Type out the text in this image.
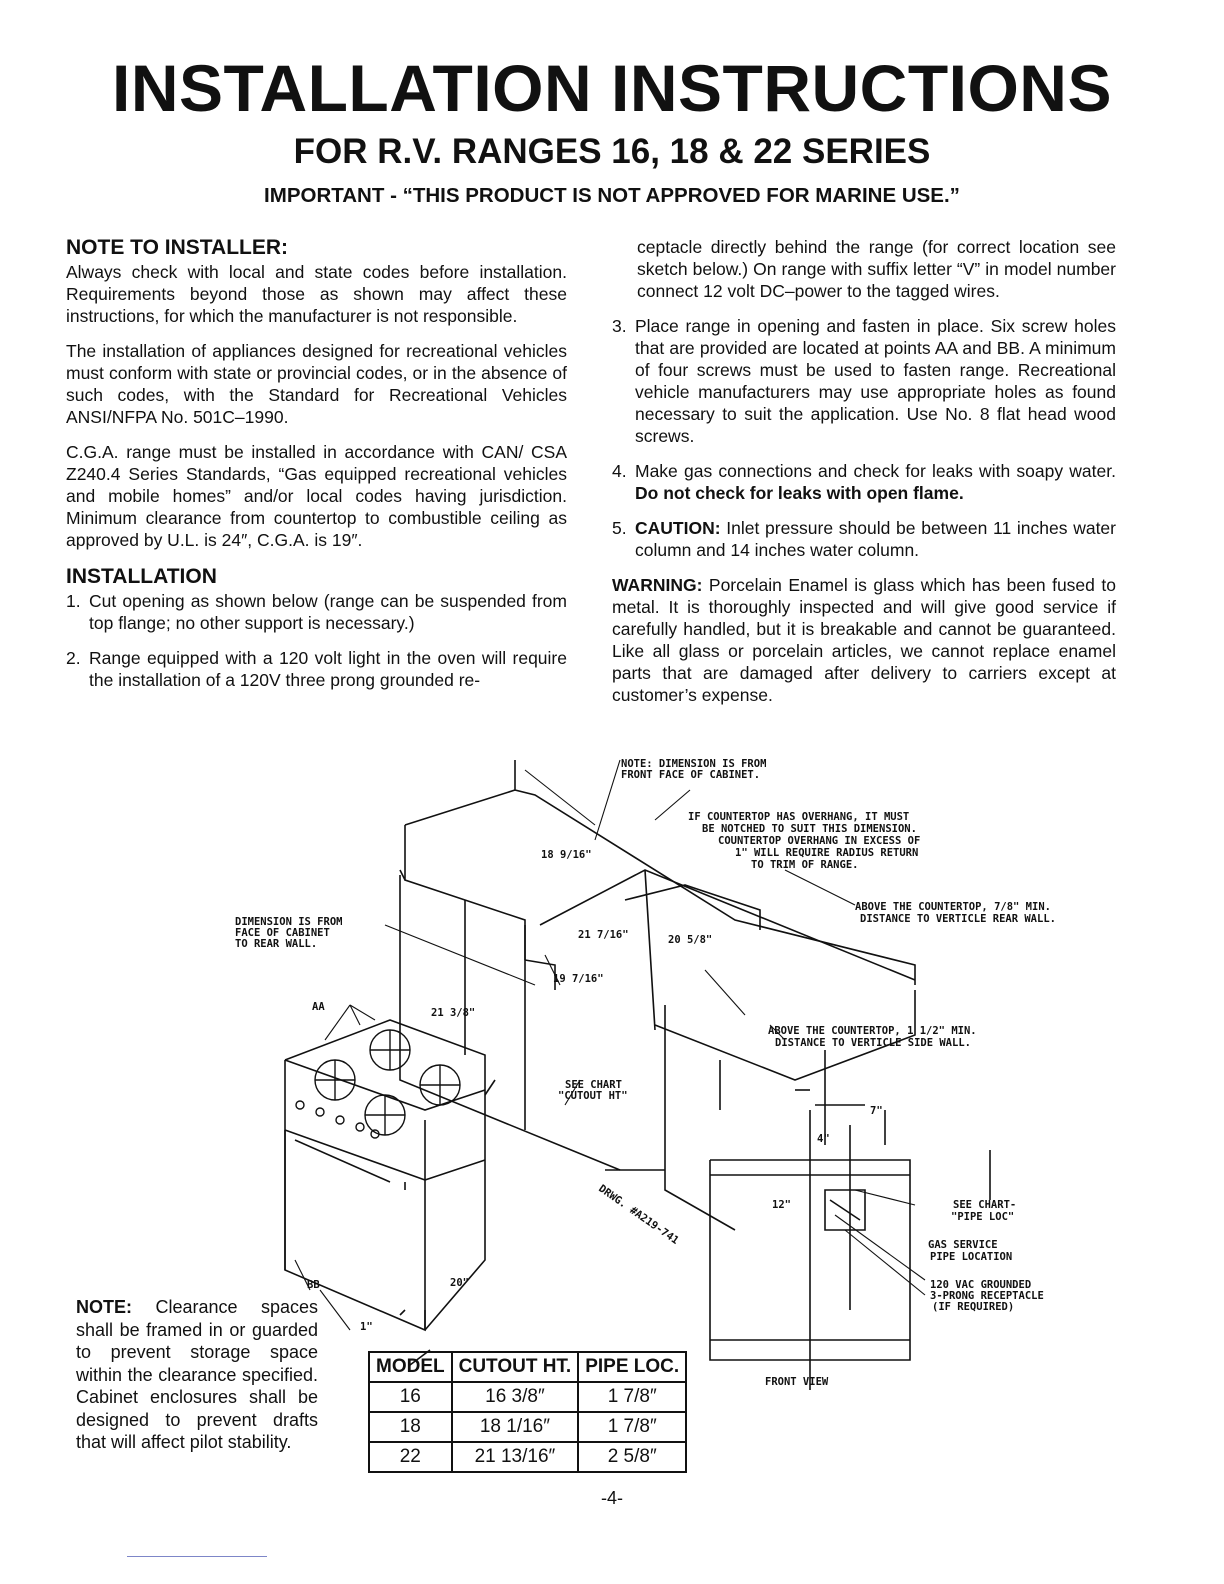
INSTALLATION INSTRUCTIONS
FOR R.V. RANGES 16, 18 & 22 SERIES
IMPORTANT - “THIS PRODUCT IS NOT APPROVED FOR MARINE USE.”
NOTE TO INSTALLER:

Always check with local and state codes before installation. Requirements beyond those as shown may affect these instructions, for which the manufacturer is not responsible.

The installation of appliances designed for recreational vehicles must conform with state or provincial codes, or in the absence of such codes, with the Standard for Recreational Vehicles ANSI/NFPA No. 501C–1990.

C.G.A. range must be installed in accordance with CAN/ CSA Z240.4 Series Standards, “Gas equipped recreational vehicles and mobile homes” and/or local codes having jurisdiction. Minimum clearance from countertop to combustible ceiling as approved by U.L. is 24″, C.G.A. is 19″.

INSTALLATION
1. Cut opening as shown below (range can be suspended from top flange; no other support is necessary.)
2. Range equipped with a 120 volt light in the oven will require the installation of a 120V three prong grounded re-
ceptacle directly behind the range (for correct location see sketch below.) On range with suffix letter “V” in model number connect 12 volt DC–power to the tagged wires.
3. Place range in opening and fasten in place. Six screw holes that are provided are located at points AA and BB. A minimum of four screws must be used to fasten range. Recreational vehicle manufacturers may use appropriate holes as found necessary to suit the application. Use No. 8 flat head wood screws.
4. Make gas connections and check for leaks with soapy water. Do not check for leaks with open flame.
5. CAUTION: Inlet pressure should be between 11 inches water column and 14 inches water column.

WARNING: Porcelain Enamel is glass which has been fused to metal. It is thoroughly inspected and will give good service if carefully handled, but it is breakable and cannot be guaranteed. Like all glass or porcelain articles, we cannot replace enamel parts that are damaged after delivery to carriers except at customer’s expense.

NOTE: DIMENSION IS FROM
FRONT FACE OF CABINET.
IF COUNTERTOP HAS OVERHANG, IT MUST
BE NOTCHED TO SUIT THIS DIMENSION.
COUNTERTOP OVERHANG IN EXCESS OF
1" WILL REQUIRE RADIUS RETURN
TO TRIM OF RANGE.
18 9/16"
ABOVE THE COUNTERTOP, 7/8" MIN.
DISTANCE TO VERTICLE REAR WALL.
DIMENSION IS FROM
FACE OF CABINET
TO REAR WALL.
21 7/16"	20 5/8"
19 7/16"
AA	21 3/8"
ABOVE THE COUNTERTOP, 1 1/2" MIN.
DISTANCE TO VERTICLE SIDE WALL.
SEE CHART
"CUTOUT HT"
7"
4"
12"	SEE CHART-
"PIPE LOC"
GAS SERVICE
PIPE LOCATION
120 VAC GROUNDED
3-PRONG RECEPTACLE
(IF REQUIRED)
DRWG. #A219-741
BB	20"
1"
FRONT VIEW
NOTE: Clearance spaces shall be framed in or guarded to prevent storage space within the clearance specified. Cabinet enclosures shall be designed to prevent drafts that will affect pilot stability.
MODEL	CUTOUT HT.	PIPE LOC.
16	16 3/8″	1 7/8″
18	18 1/16″	1 7/8″
22	21 13/16″	2 5/8″
-4-
